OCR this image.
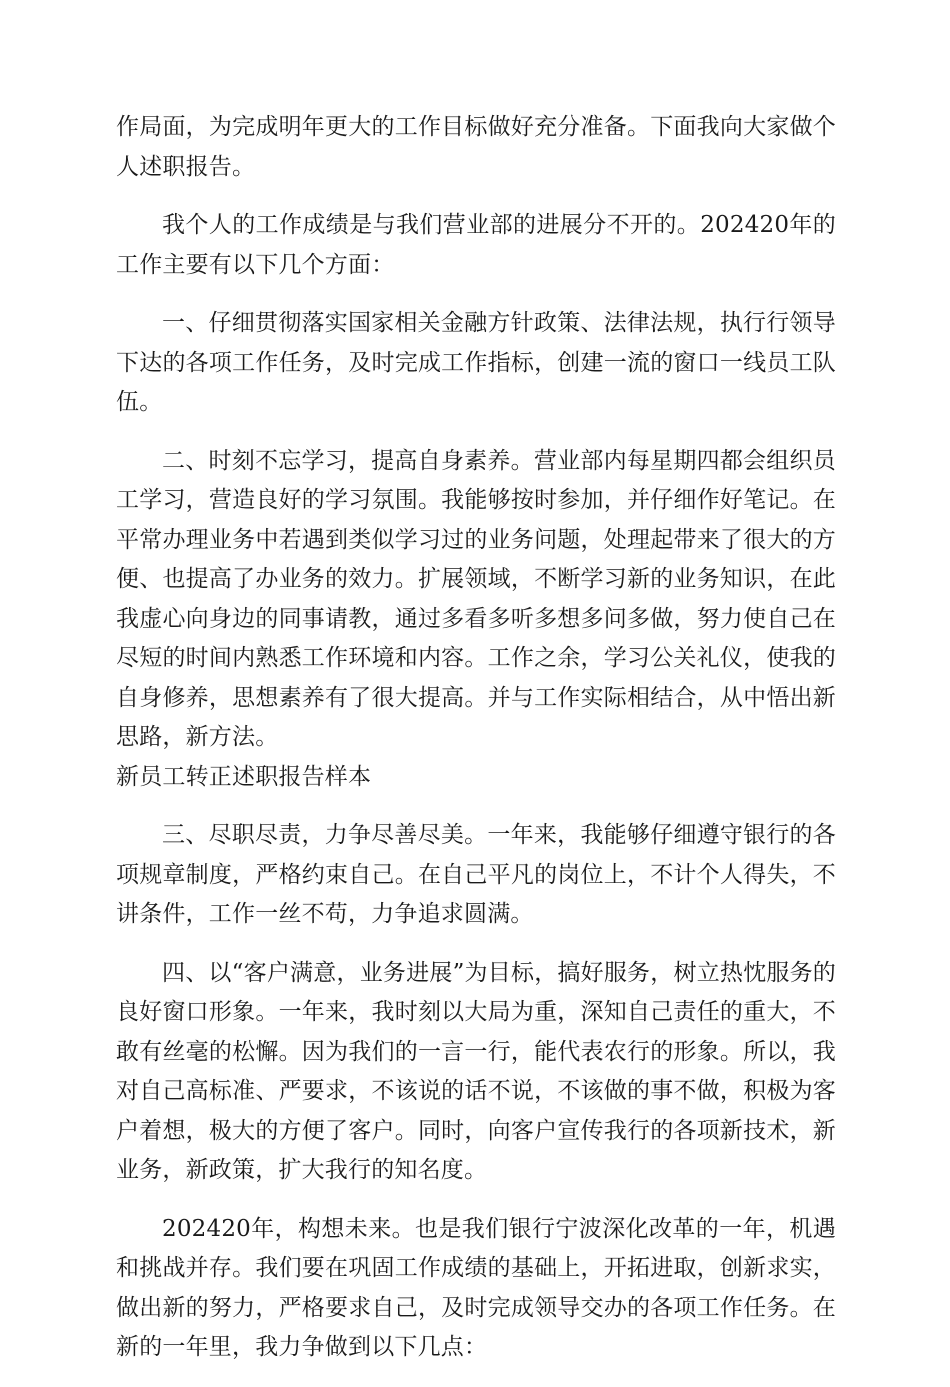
作局面，为完成明年更大的工作目标做好充分准备。下面我向大家做个人述职报告。

我个人的工作成绩是与我们营业部的进展分不开的。202420年的工作主要有以下几个方面：

一、仔细贯彻落实国家相关金融方针政策、法律法规，执行行领导下达的各项工作任务，及时完成工作指标，创建一流的窗口一线员工队伍。

二、时刻不忘学习，提高自身素养。营业部内每星期四都会组织员工学习，营造良好的学习氛围。我能够按时参加，并仔细作好笔记。在平常办理业务中若遇到类似学习过的业务问题，处理起带来了很大的方便、也提高了办业务的效力。扩展领域，不断学习新的业务知识，在此我虚心向身边的同事请教，通过多看多听多想多问多做，努力使自己在尽短的时间内熟悉工作环境和内容。工作之余，学习公关礼仪，使我的自身修养，思想素养有了很大提高。并与工作实际相结合，从中悟出新思路，新方法。
新员工转正述职报告样本

三、尽职尽责，力争尽善尽美。一年来，我能够仔细遵守银行的各项规章制度，严格约束自己。在自己平凡的岗位上，不计个人得失，不讲条件，工作一丝不苟，力争追求圆满。

四、以“客户满意，业务进展”为目标，搞好服务，树立热忱服务的良好窗口形象。一年来，我时刻以大局为重，深知自己责任的重大，不敢有丝毫的松懈。因为我们的一言一行，能代表农行的形象。所以，我对自己高标准、严要求，不该说的话不说，不该做的事不做，积极为客户着想，极大的方便了客户。同时，向客户宣传我行的各项新技术，新业务，新政策，扩大我行的知名度。

202420年，构想未来。也是我们银行宁波深化改革的一年，机遇和挑战并存。我们要在巩固工作成绩的基础上，开拓进取，创新求实，做出新的努力，严格要求自己，及时完成领导交办的各项工作任务。在新的一年里，我力争做到以下几点：
